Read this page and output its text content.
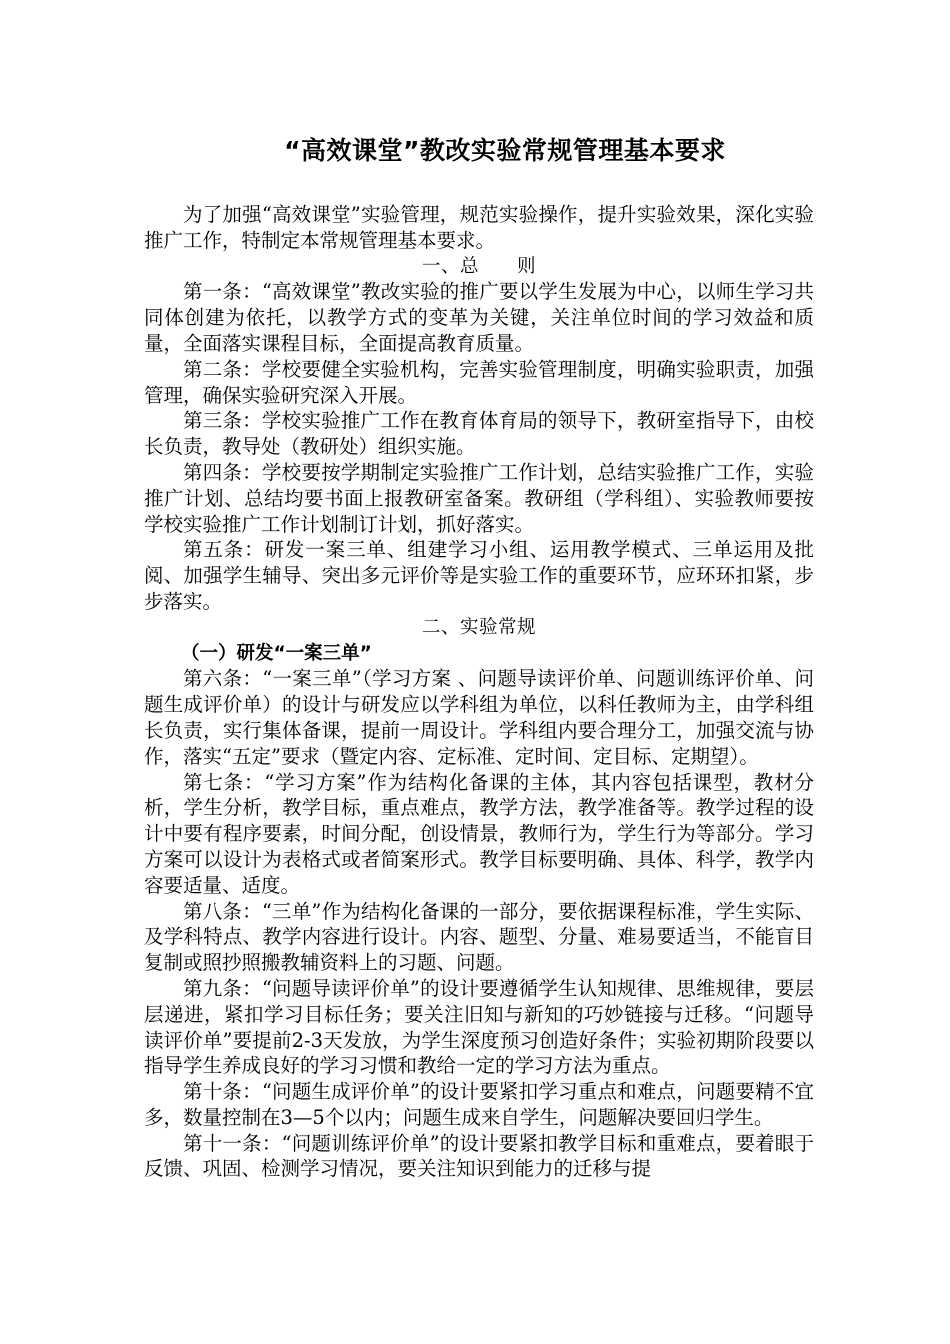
“高效课堂”教改实验常规管理基本要求

为了加强“高效课堂”实验管理，规范实验操作，提升实验效果，深化实验推广工作，特制定本常规管理基本要求。

一、总　　则

第一条：“高效课堂”教改实验的推广要以学生发展为中心，以师生学习共同体创建为依托，以教学方式的变革为关键，关注单位时间的学习效益和质量，全面落实课程目标，全面提高教育质量。

第二条：学校要健全实验机构，完善实验管理制度，明确实验职责，加强管理，确保实验研究深入开展。

第三条：学校实验推广工作在教育体育局的领导下，教研室指导下，由校长负责，教导处（教研处）组织实施。

第四条：学校要按学期制定实验推广工作计划，总结实验推广工作，实验推广计划、总结均要书面上报教研室备案。教研组（学科组）、实验教师要按学校实验推广工作计划制订计划，抓好落实。

第五条：研发一案三单、组建学习小组、运用教学模式、三单运用及批阅、加强学生辅导、突出多元评价等是实验工作的重要环节，应环环扣紧，步步落实。

二、实验常规

（一）研发“一案三单”

第六条：“一案三单”（学习方案 、问题导读评价单、问题训练评价单、问题生成评价单）的设计与研发应以学科组为单位，以科任教师为主，由学科组长负责，实行集体备课，提前一周设计。学科组内要合理分工，加强交流与协作，落实“五定”要求（暨定内容、定标准、定时间、定目标、定期望）。

第七条：“学习方案”作为结构化备课的主体，其内容包括课型，教材分析，学生分析，教学目标，重点难点，教学方法，教学准备等。教学过程的设计中要有程序要素，时间分配，创设情景，教师行为，学生行为等部分。学习方案可以设计为表格式或者简案形式。教学目标要明确、具体、科学，教学内容要适量、适度。

第八条：“三单”作为结构化备课的一部分，要依据课程标准，学生实际、及学科特点、教学内容进行设计。内容、题型、分量、难易要适当，不能盲目复制或照抄照搬教辅资料上的习题、问题。

第九条：“问题导读评价单”的设计要遵循学生认知规律、思维规律，要层层递进，紧扣学习目标任务；要关注旧知与新知的巧妙链接与迁移。“问题导读评价单”要提前2-3天发放，为学生深度预习创造好条件；实验初期阶段要以指导学生养成良好的学习习惯和教给一定的学习方法为重点。

第十条：“问题生成评价单”的设计要紧扣学习重点和难点，问题要精不宜多，数量控制在3—5个以内；问题生成来自学生，问题解决要回归学生。

第十一条：“问题训练评价单”的设计要紧扣教学目标和重难点，要着眼于反馈、巩固、检测学习情况，要关注知识到能力的迁移与提
